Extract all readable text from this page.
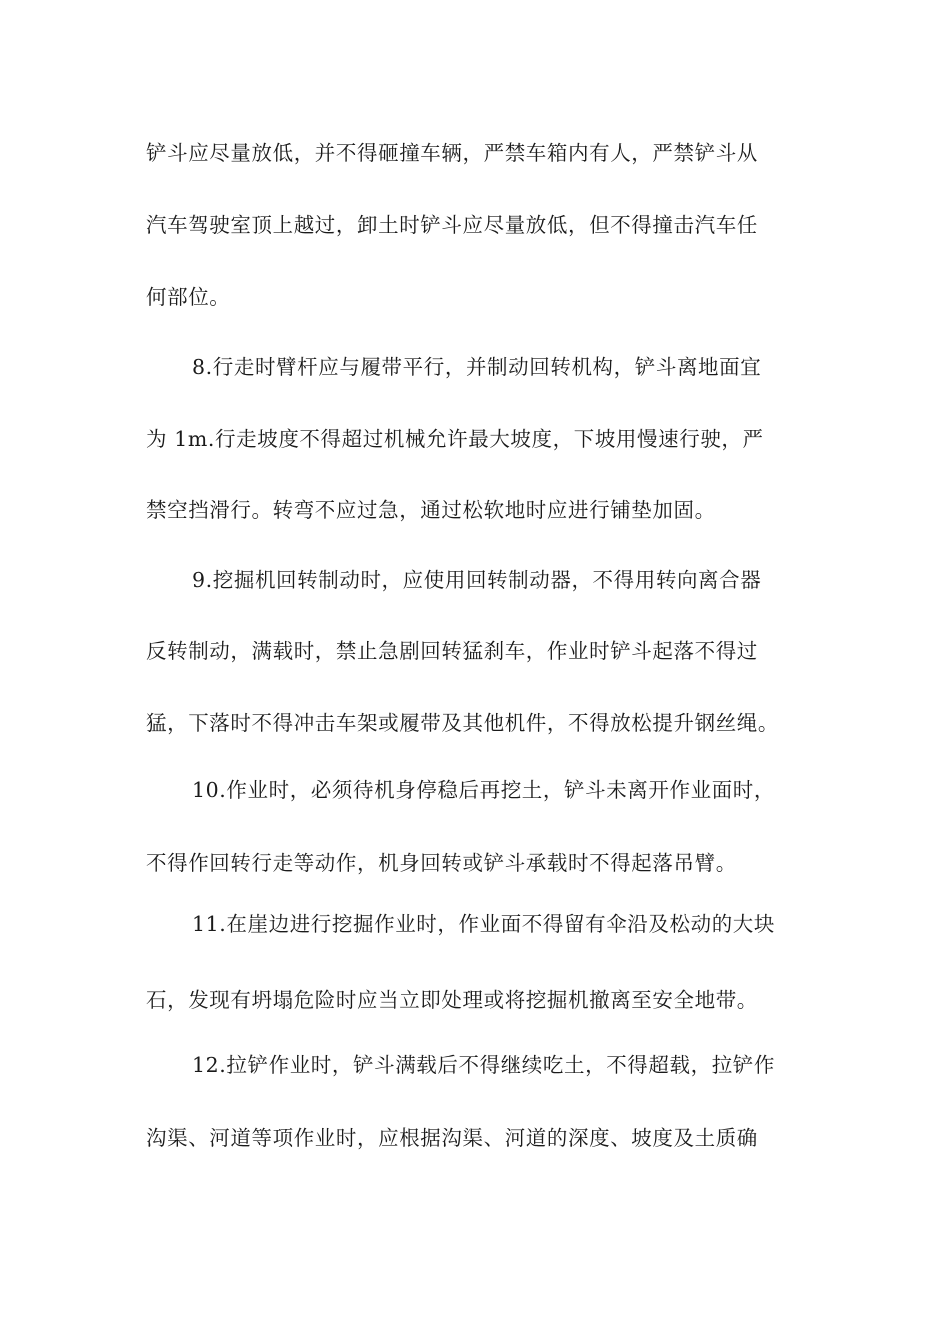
铲斗应尽量放低，并不得砸撞车辆，严禁车箱内有人，严禁铲斗从
汽车驾驶室顶上越过，卸土时铲斗应尽量放低，但不得撞击汽车任
何部位。
8.行走时臂杆应与履带平行，并制动回转机构，铲斗离地面宜
为 1m.行走坡度不得超过机械允许最大坡度，下坡用慢速行驶，严
禁空挡滑行。转弯不应过急，通过松软地时应进行铺垫加固。
9.挖掘机回转制动时，应使用回转制动器，不得用转向离合器
反转制动，满载时，禁止急剧回转猛刹车，作业时铲斗起落不得过
猛，下落时不得冲击车架或履带及其他机件，不得放松提升钢丝绳。
10.作业时，必须待机身停稳后再挖土，铲斗未离开作业面时，
不得作回转行走等动作，机身回转或铲斗承载时不得起落吊臂。
11.在崖边进行挖掘作业时，作业面不得留有伞沿及松动的大块
石，发现有坍塌危险时应当立即处理或将挖掘机撤离至安全地带。
12.拉铲作业时，铲斗满载后不得继续吃土，不得超载，拉铲作
沟渠、河道等项作业时，应根据沟渠、河道的深度、坡度及土质确
